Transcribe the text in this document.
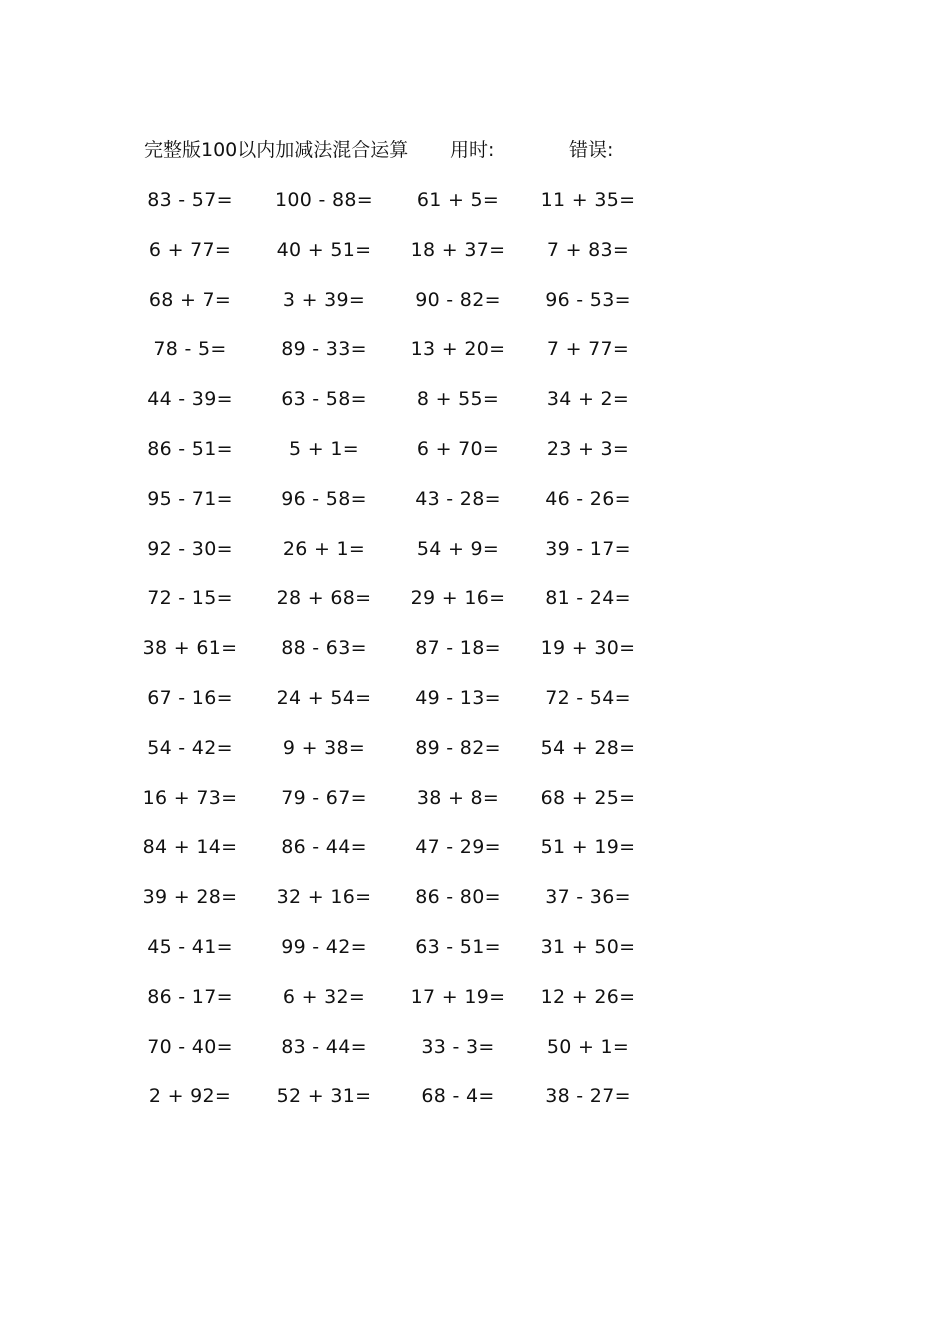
完整版100以内加减法混合运算 用时:	错误:
83 - 57=	100 - 88=	61 + 5=	11 + 35=
6 + 77=	40 + 51=	18 + 37=	7 + 83=
68 + 7=	3 + 39=	90 - 82=	96 - 53=
78 - 5=	89 - 33=	13 + 20=	7 + 77=
44 - 39=	63 - 58=	8 + 55=	34 + 2=
86 - 51=	5 + 1=	6 + 70=	23 + 3=
95 - 71=	96 - 58=	43 - 28=	46 - 26=
92 - 30=	26 + 1=	54 + 9=	39 - 17=
72 - 15=	28 + 68=	29 + 16=	81 - 24=
38 + 61=	88 - 63=	87 - 18=	19 + 30=
67 - 16=	24 + 54=	49 - 13=	72 - 54=
54 - 42=	9 + 38=	89 - 82=	54 + 28=
16 + 73=	79 - 67=	38 + 8=	68 + 25=
84 + 14=	86 - 44=	47 - 29=	51 + 19=
39 + 28=	32 + 16=	86 - 80=	37 - 36=
45 - 41=	99 - 42=	63 - 51=	31 + 50=
86 - 17=	6 + 32=	17 + 19=	12 + 26=
70 - 40=	83 - 44=	33 - 3=	50 + 1=
2 + 92=	52 + 31=	68 - 4=	38 - 27=
